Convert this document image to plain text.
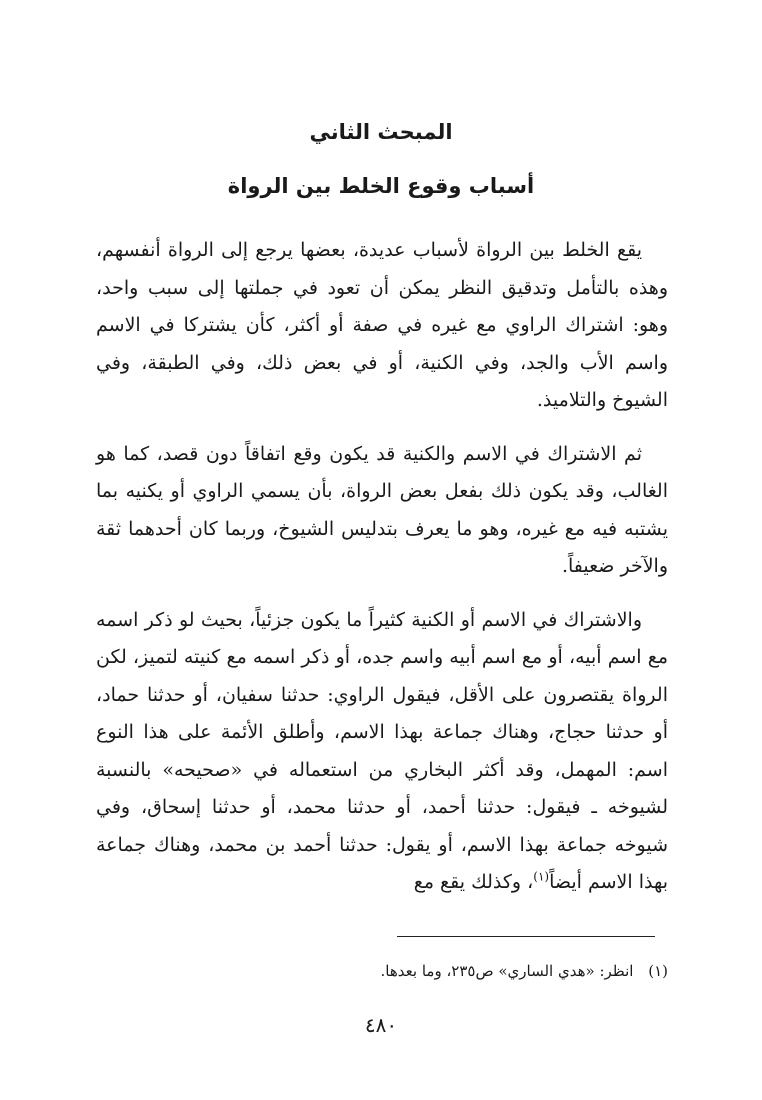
المبحث الثاني
أسباب وقوع الخلط بين الرواة

يقع الخلط بين الرواة لأسباب عديدة، بعضها يرجع إلى الرواة أنفسهم، وهذه بالتأمل وتدقيق النظر يمكن أن تعود في جملتها إلى سبب واحد، وهو: اشتراك الراوي مع غيره في صفة أو أكثر، كأن يشتركا في الاسم واسم الأب والجد، وفي الكنية، أو في بعض ذلك، وفي الطبقة، وفي الشيوخ والتلاميذ.

ثم الاشتراك في الاسم والكنية قد يكون وقع اتفاقاً دون قصد، كما هو الغالب، وقد يكون ذلك بفعل بعض الرواة، بأن يسمي الراوي أو يكنيه بما يشتبه فيه مع غيره، وهو ما يعرف بتدليس الشيوخ، وربما كان أحدهما ثقة والآخر ضعيفاً.

والاشتراك في الاسم أو الكنية كثيراً ما يكون جزئياً، بحيث لو ذكر اسمه مع اسم أبيه، أو مع اسم أبيه واسم جده، أو ذكر اسمه مع كنيته لتميز، لكن الرواة يقتصرون على الأقل، فيقول الراوي: حدثنا سفيان، أو حدثنا حماد، أو حدثنا حجاج، وهناك جماعة بهذا الاسم، وأطلق الأئمة على هذا النوع اسم: المهمل، وقد أكثر البخاري من استعماله في «صحيحه» بالنسبة لشيوخه ـ فيقول: حدثنا أحمد، أو حدثنا محمد، أو حدثنا إسحاق، وفي شيوخه جماعة بهذا الاسم، أو يقول: حدثنا أحمد بن محمد، وهناك جماعة بهذا الاسم أيضاً$^{(١)}$، وكذلك يقع مع

(١) انظر: «هدي الساري» ص٢٣٥، وما بعدها.
٤٨٠
